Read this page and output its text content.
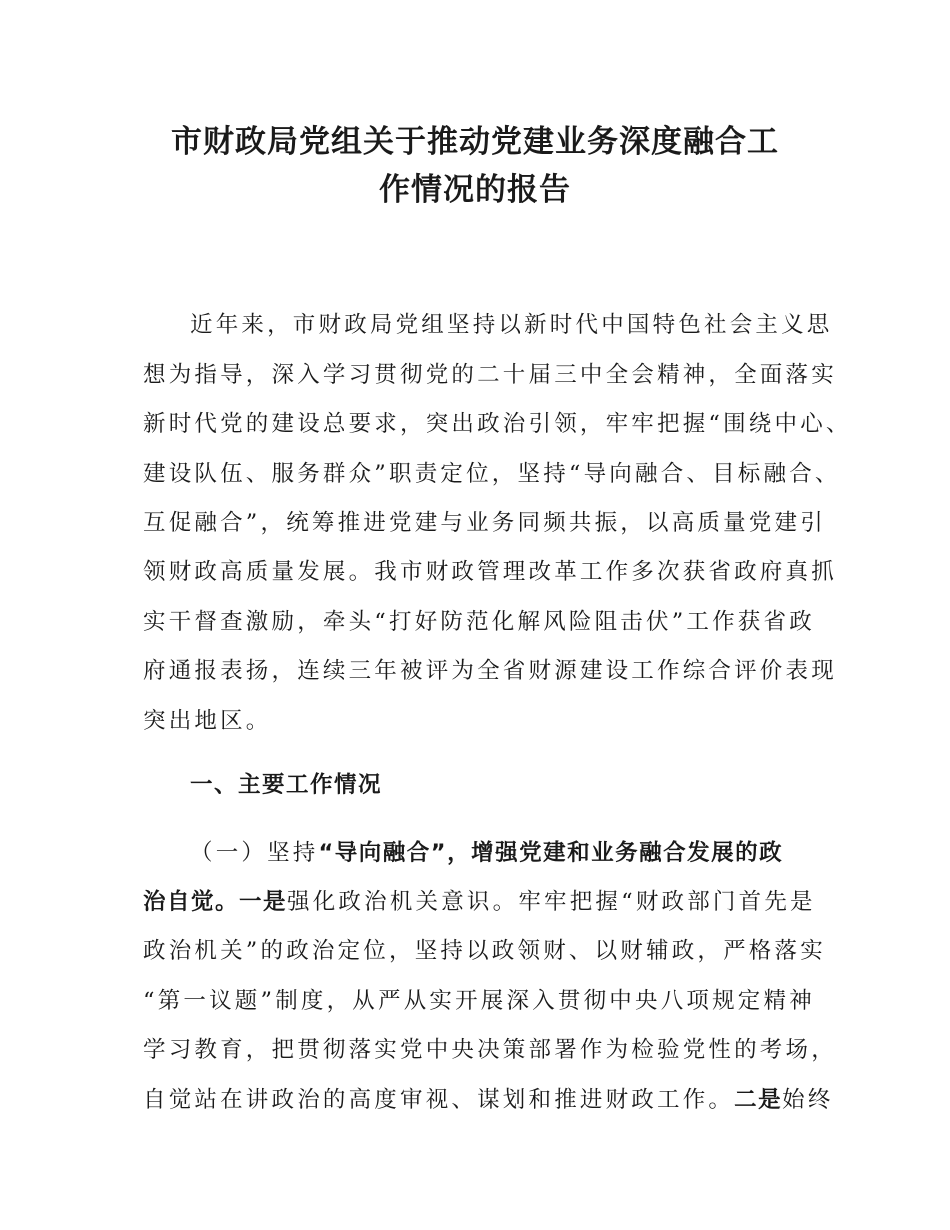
市财政局党组关于推动党建业务深度融合工
作情况的报告
近年来，市财政局党组坚持以新时代中国特色社会主义思
想为指导，深入学习贯彻党的二十届三中全会精神，全面落实
新时代党的建设总要求，突出政治引领，牢牢把握“围绕中心、
建设队伍、服务群众”职责定位，坚持“导向融合、目标融合、
互促融合”，统筹推进党建与业务同频共振，以高质量党建引
领财政高质量发展。我市财政管理改革工作多次获省政府真抓
实干督查激励，牵头“打好防范化解风险阻击伏”工作获省政
府通报表扬，连续三年被评为全省财源建设工作综合评价表现
突出地区。
一、主要工作情况
（一）坚持“导向融合”，增强党建和业务融合发展的政
治自觉。一是强化政治机关意识。牢牢把握“财政部门首先是
政治机关”的政治定位，坚持以政领财、以财辅政，严格落实
“第一议题”制度，从严从实开展深入贯彻中央八项规定精神
学习教育，把贯彻落实党中央决策部署作为检验党性的考场，
自觉站在讲政治的高度审视、谋划和推进财政工作。二是始终
